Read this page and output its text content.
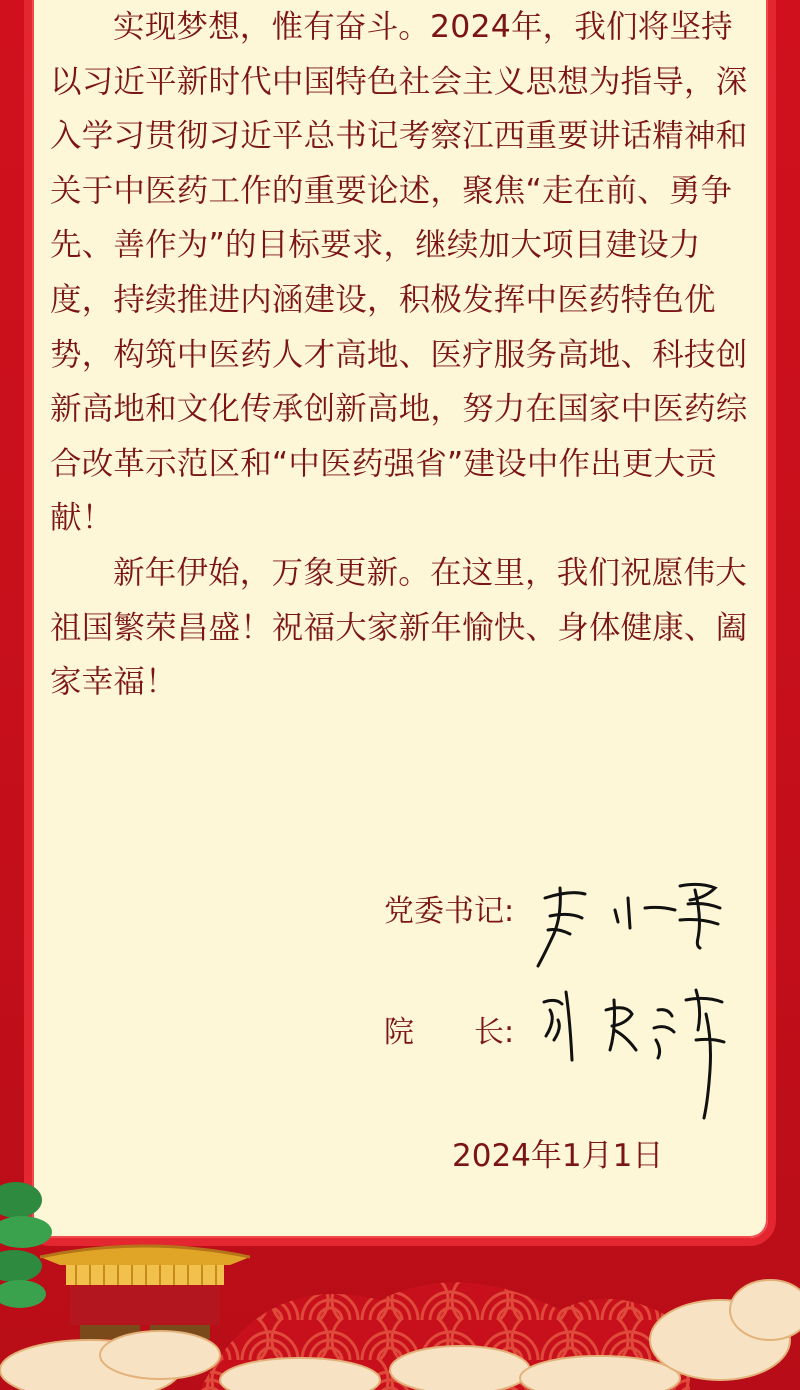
实现梦想，惟有奋斗。2024年，我们将坚持以习近平新时代中国特色社会主义思想为指导，深入学习贯彻习近平总书记考察江西重要讲话精神和关于中医药工作的重要论述，聚焦“走在前、勇争先、善作为”的目标要求，继续加大项目建设力度，持续推进内涵建设，积极发挥中医药特色优势，构筑中医药人才高地、医疗服务高地、科技创新高地和文化传承创新高地，努力在国家中医药综合改革示范区和“中医药强省”建设中作出更大贡献！

新年伊始，万象更新。在这里，我们祝愿伟大祖国繁荣昌盛！祝福大家新年愉快、身体健康、阖家幸福！

党委书记:
院　　长:
2024年1月1日
